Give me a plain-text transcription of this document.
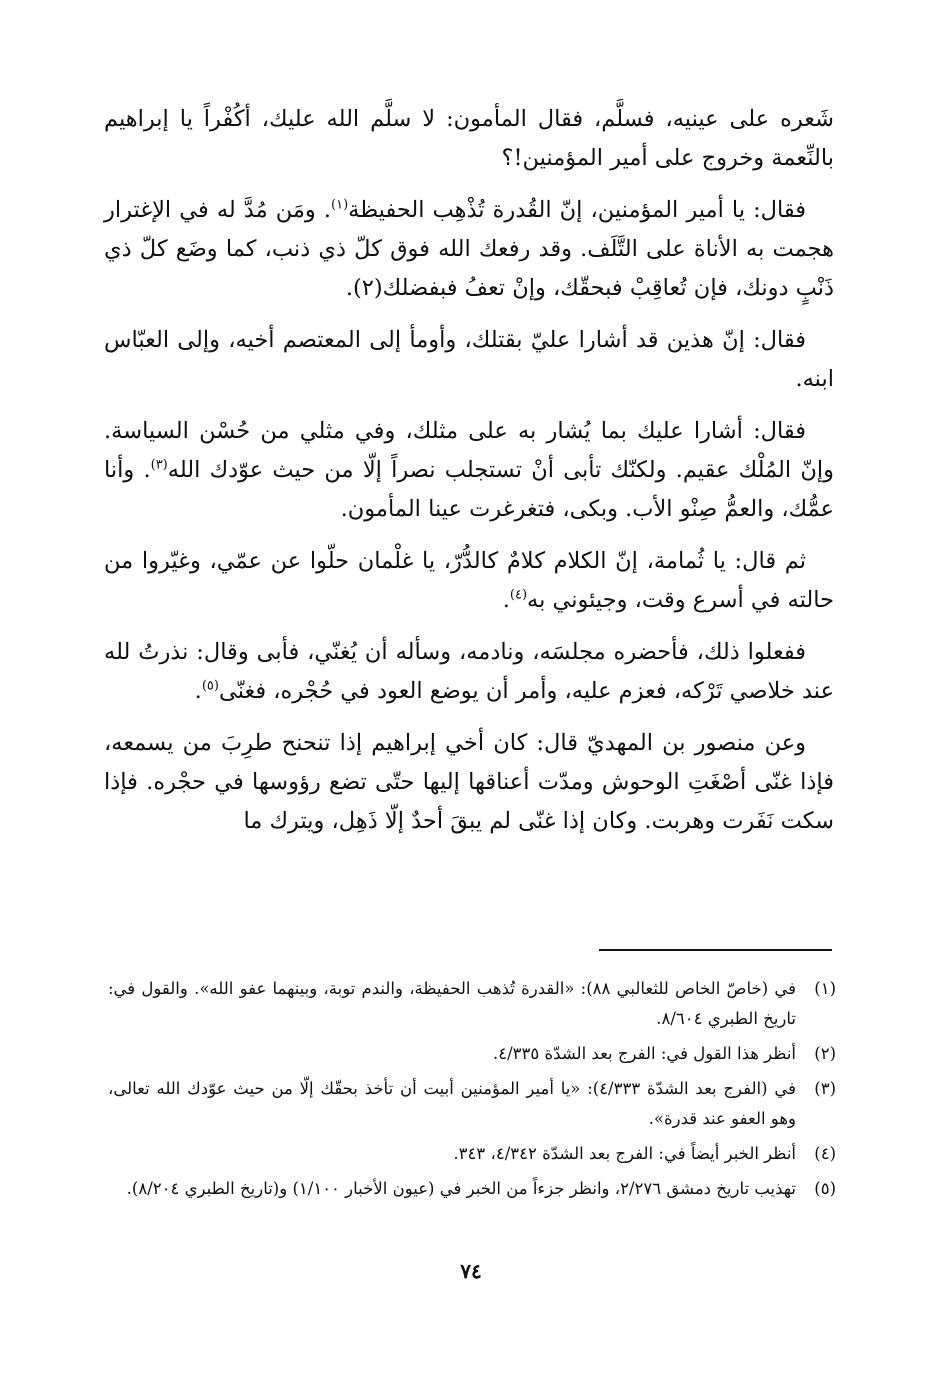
شَعره على عينيه، فسلَّم، فقال المأمون: لا سلَّم الله عليك، أكُفْراً يا إبراهيم بالنِّعمة وخروج على أمير المؤمنين!؟

فقال: يا أمير المؤمنين، إنّ القُدرة تُذْهِب الحفيظة$^{(١)}$. ومَن مُدَّ له في الإغترار هجمت به الأناة على التَّلَف. وقد رفعك الله فوق كلّ ذي ذنب، كما وضَع كلّ ذي ذَنْبٍ دونك، فإن تُعاقِبْ فبحقّك، وإنْ تعفُ فبفضلك(٢).

فقال: إنّ هذين قد أشارا عليّ بقتلك، وأومأ إلى المعتصم أخيه، وإلى العبّاس ابنه.

فقال: أشارا عليك بما يُشار به على مثلك، وفي مثلي من حُسْن السياسة. وإنّ المُلْك عقيم. ولكنّك تأبى أنْ تستجلب نصراً إلّا من حيث عوّدك الله$^{(٣)}$. وأنا عمُّك، والعمُّ صِنْو الأب. وبكى، فتغرغرت عينا المأمون.

ثم قال: يا ثُمامة، إنّ الكلام كلامٌ كالدُّرّ، يا غلْمان حلّوا عن عمّي، وغيّروا من حالته في أسرع وقت، وجيئوني به$^{(٤)}$.

ففعلوا ذلك، فأحضره مجلسَه، ونادمه، وسأله أن يُغنّي، فأبى وقال: نذرتُ لله عند خلاصي تَرْكه، فعزم عليه، وأمر أن يوضع العود في حُجْره، فغنّى$^{(٥)}$.

وعن منصور بن المهديّ قال: كان أخي إبراهيم إذا تنحنح طرِبَ من يسمعه، فإذا غنّى أصْغَتِ الوحوش ومدّت أعناقها إليها حتّى تضع رؤوسها في حجْره. فإذا سكت نَفَرت وهربت. وكان إذا غنّى لم يبقَ أحدٌ إلّا ذَهِل، ويترك ما

(١)
في (خاصّ الخاص للثعالبي ٨٨): «القدرة تُذهب الحفيظة، والندم توبة، وبينهما عفو الله». والقول في: تاريخ الطبري ٨/٦٠٤.
(٢)
أنظر هذا القول في: الفرج بعد الشدّة ٤/٣٣٥.
(٣)
في (الفرج بعد الشدّة ٤/٣٣٣): «يا أمير المؤمنين أبيت أن تأخذ بحقّك إلّا من حيث عوّدك الله تعالى، وهو العفو عند قدرة».
(٤)
أنظر الخبر أيضاً في: الفرج بعد الشدّة ٤/٣٤٢، ٣٤٣.
(٥)
تهذيب تاريخ دمشق ٢/٢٧٦، وانظر جزءاً من الخبر في (عيون الأخبار ١/١٠٠) و(تاريخ الطبري ٨/٢٠٤).
٧٤
